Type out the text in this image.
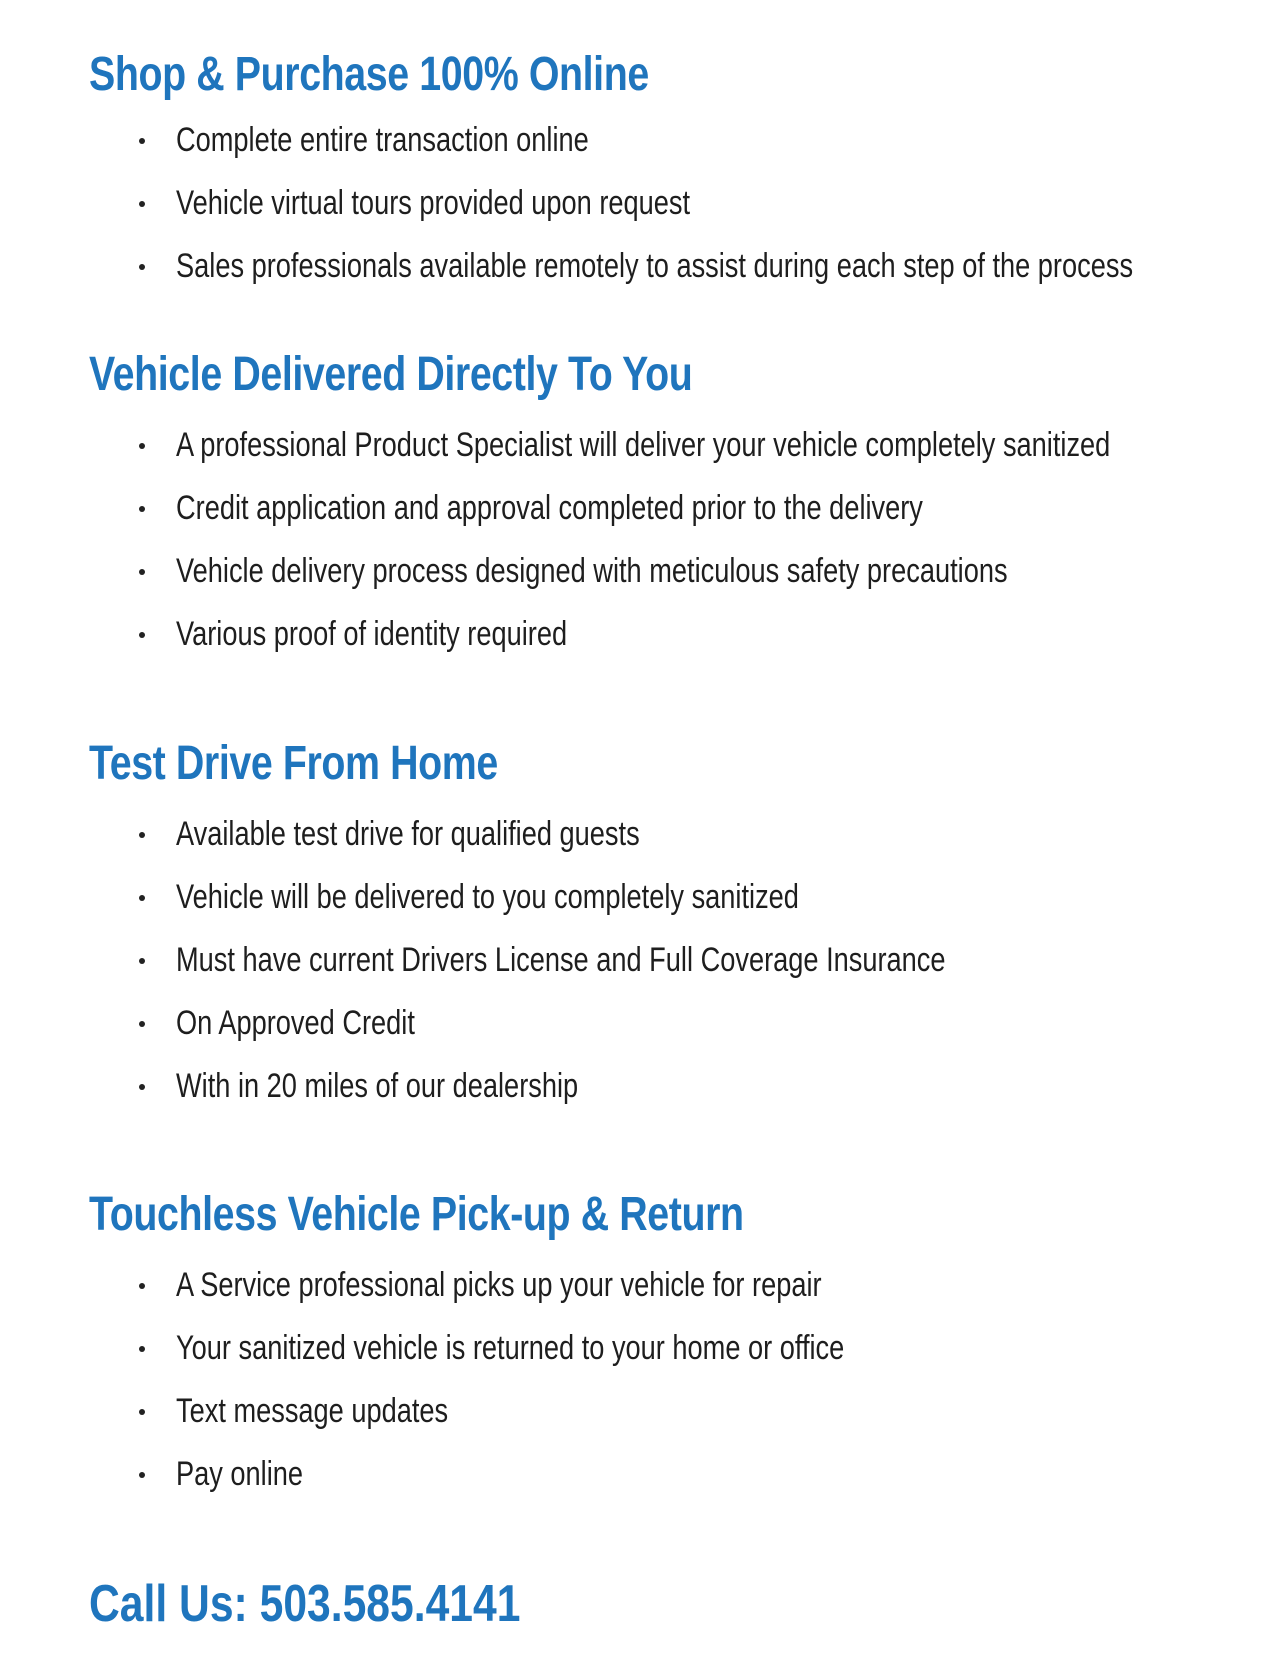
Shop & Purchase 100% Online
Complete entire transaction online
Vehicle virtual tours provided upon request
Sales professionals available remotely to assist during each step of the process
Vehicle Delivered Directly To You
A professional Product Specialist will deliver your vehicle completely sanitized
Credit application and approval completed prior to the delivery
Vehicle delivery process designed with meticulous safety precautions
Various proof of identity required
Test Drive From Home
Available test drive for qualified guests
Vehicle will be delivered to you completely sanitized
Must have current Drivers License and Full Coverage Insurance
On Approved Credit
With in 20 miles of our dealership
Touchless Vehicle Pick-up & Return
A Service professional picks up your vehicle for repair
Your sanitized vehicle is returned to your home or office
Text message updates
Pay online
Call Us: 503.585.4141
